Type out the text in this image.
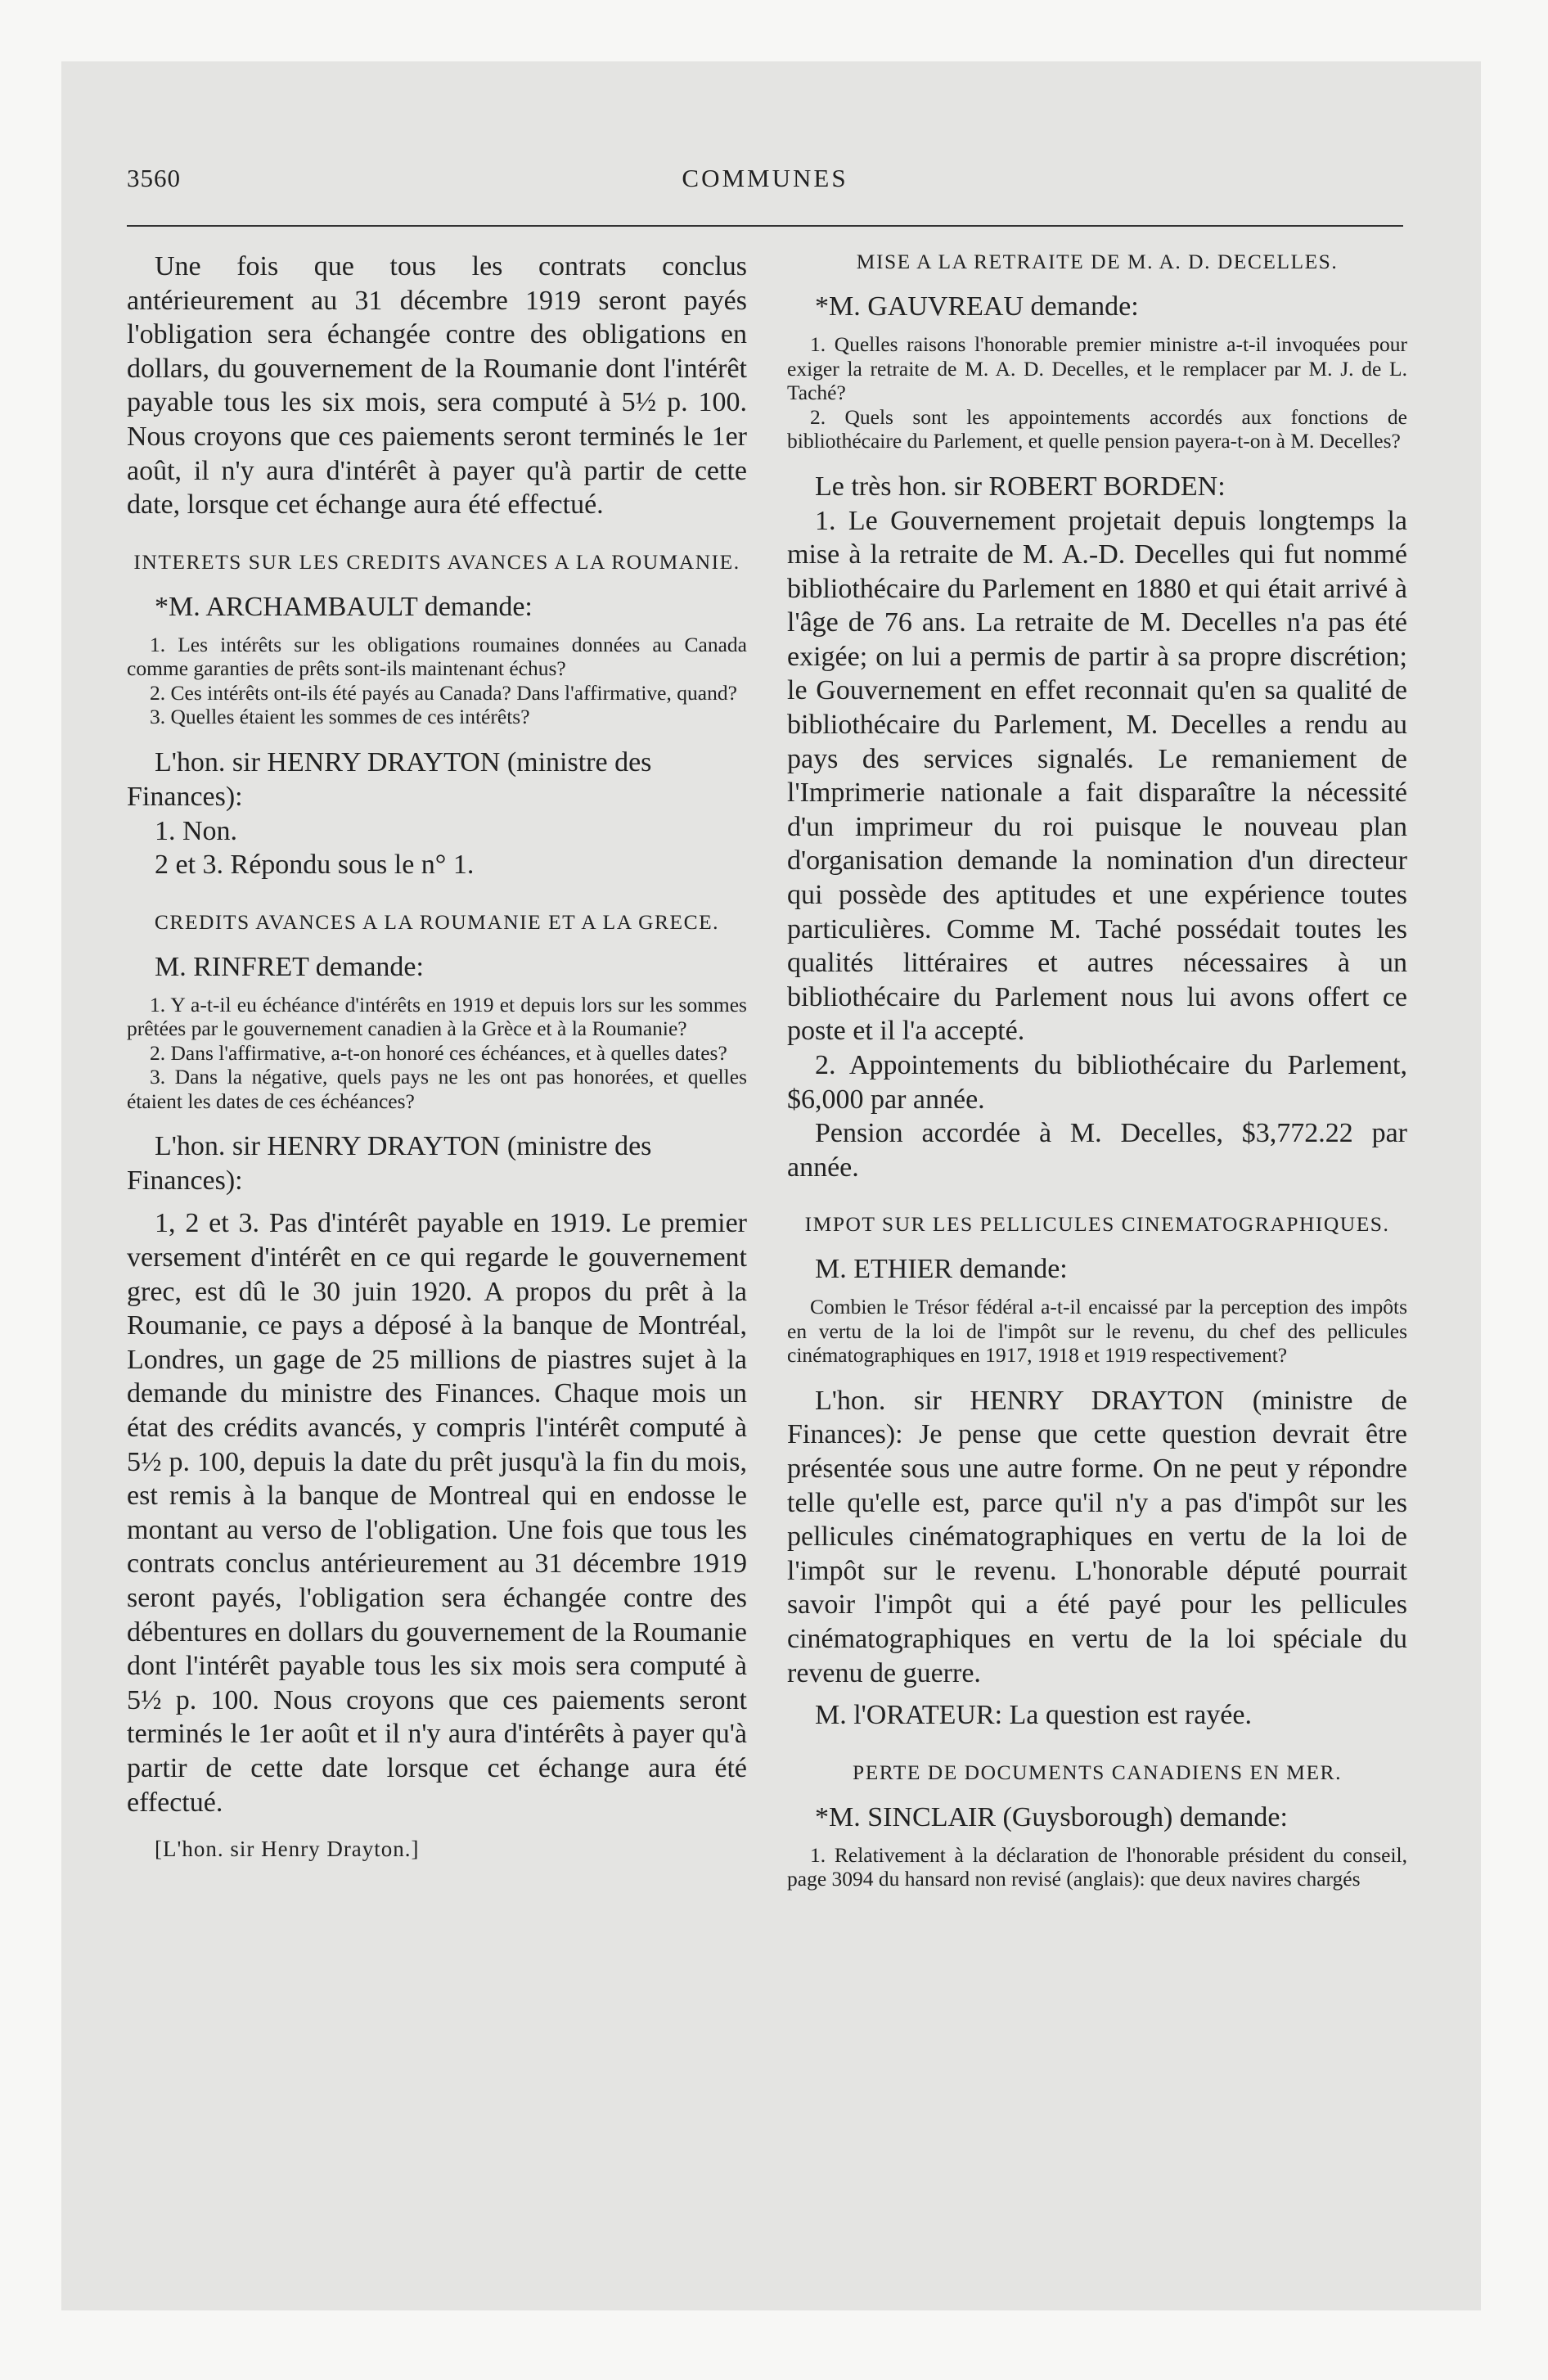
3560	COMMUNES

Une fois que tous les contrats conclus antérieurement au 31 décembre 1919 seront payés l'obligation sera échangée contre des obligations en dollars, du gouvernement de la Roumanie dont l'intérêt payable tous les six mois, sera computé à 5½ p. 100. Nous croyons que ces paiements seront terminés le 1er août, il n'y aura d'intérêt à payer qu'à partir de cette date, lorsque cet échange aura été effectué.

INTERETS SUR LES CREDITS AVANCES A LA ROUMANIE.

*M. ARCHAMBAULT demande:

1. Les intérêts sur les obligations roumaines données au Canada comme garanties de prêts sont-ils maintenant échus?

2. Ces intérêts ont-ils été payés au Canada? Dans l'affirmative, quand?

3. Quelles étaient les sommes de ces intérêts?

L'hon. sir HENRY DRAYTON (ministre des Finances):

1. Non.

2 et 3. Répondu sous le n° 1.

CREDITS AVANCES A LA ROUMANIE ET A LA GRECE.

M. RINFRET demande:

1. Y a-t-il eu échéance d'intérêts en 1919 et depuis lors sur les sommes prêtées par le gouvernement canadien à la Grèce et à la Roumanie?

2. Dans l'affirmative, a-t-on honoré ces échéances, et à quelles dates?

3. Dans la négative, quels pays ne les ont pas honorées, et quelles étaient les dates de ces échéances?

L'hon. sir HENRY DRAYTON (ministre des Finances):

1, 2 et 3. Pas d'intérêt payable en 1919. Le premier versement d'intérêt en ce qui regarde le gouvernement grec, est dû le 30 juin 1920. A propos du prêt à la Roumanie, ce pays a déposé à la banque de Montréal, Londres, un gage de 25 millions de piastres sujet à la demande du ministre des Finances. Chaque mois un état des crédits avancés, y compris l'intérêt computé à 5½ p. 100, depuis la date du prêt jusqu'à la fin du mois, est remis à la banque de Montreal qui en endosse le montant au verso de l'obligation. Une fois que tous les contrats conclus antérieurement au 31 décembre 1919 seront payés, l'obligation sera échangée contre des débentures en dollars du gouvernement de la Roumanie dont l'intérêt payable tous les six mois sera computé à 5½ p. 100. Nous croyons que ces paiements seront terminés le 1er août et il n'y aura d'intérêts à payer qu'à partir de cette date lorsque cet échange aura été effectué.

[L'hon. sir Henry Drayton.]

MISE A LA RETRAITE DE M. A. D. DECELLES.

*M. GAUVREAU demande:

1. Quelles raisons l'honorable premier ministre a-t-il invoquées pour exiger la retraite de M. A. D. Decelles, et le remplacer par M. J. de L. Taché?

2. Quels sont les appointements accordés aux fonctions de bibliothécaire du Parlement, et quelle pension payera-t-on à M. Decelles?

Le très hon. sir ROBERT BORDEN:

1. Le Gouvernement projetait depuis longtemps la mise à la retraite de M. A.-D. Decelles qui fut nommé bibliothécaire du Parlement en 1880 et qui était arrivé à l'âge de 76 ans. La retraite de M. Decelles n'a pas été exigée; on lui a permis de partir à sa propre discrétion; le Gouvernement en effet reconnait qu'en sa qualité de bibliothécaire du Parlement, M. Decelles a rendu au pays des services signalés. Le remaniement de l'Imprimerie nationale a fait disparaître la nécessité d'un imprimeur du roi puisque le nouveau plan d'organisation demande la nomination d'un directeur qui possède des aptitudes et une expérience toutes particulières. Comme M. Taché possédait toutes les qualités littéraires et autres nécessaires à un bibliothécaire du Parlement nous lui avons offert ce poste et il l'a accepté.

2. Appointements du bibliothécaire du Parlement, $6,000 par année.

Pension accordée à M. Decelles, $3,772.22 par année.

IMPOT SUR LES PELLICULES CINEMATOGRAPHIQUES.

M. ETHIER demande:

Combien le Trésor fédéral a-t-il encaissé par la perception des impôts en vertu de la loi de l'impôt sur le revenu, du chef des pellicules cinématographiques en 1917, 1918 et 1919 respectivement?

L'hon. sir HENRY DRAYTON (ministre de Finances): Je pense que cette question devrait être présentée sous une autre forme. On ne peut y répondre telle qu'elle est, parce qu'il n'y a pas d'impôt sur les pellicules cinématographiques en vertu de la loi de l'impôt sur le revenu. L'honorable député pourrait savoir l'impôt qui a été payé pour les pellicules cinématographiques en vertu de la loi spéciale du revenu de guerre.

M. l'ORATEUR: La question est rayée.

PERTE DE DOCUMENTS CANADIENS EN MER.

*M. SINCLAIR (Guysborough) demande:

1. Relativement à la déclaration de l'honorable président du conseil, page 3094 du hansard non revisé (anglais): que deux navires chargés
